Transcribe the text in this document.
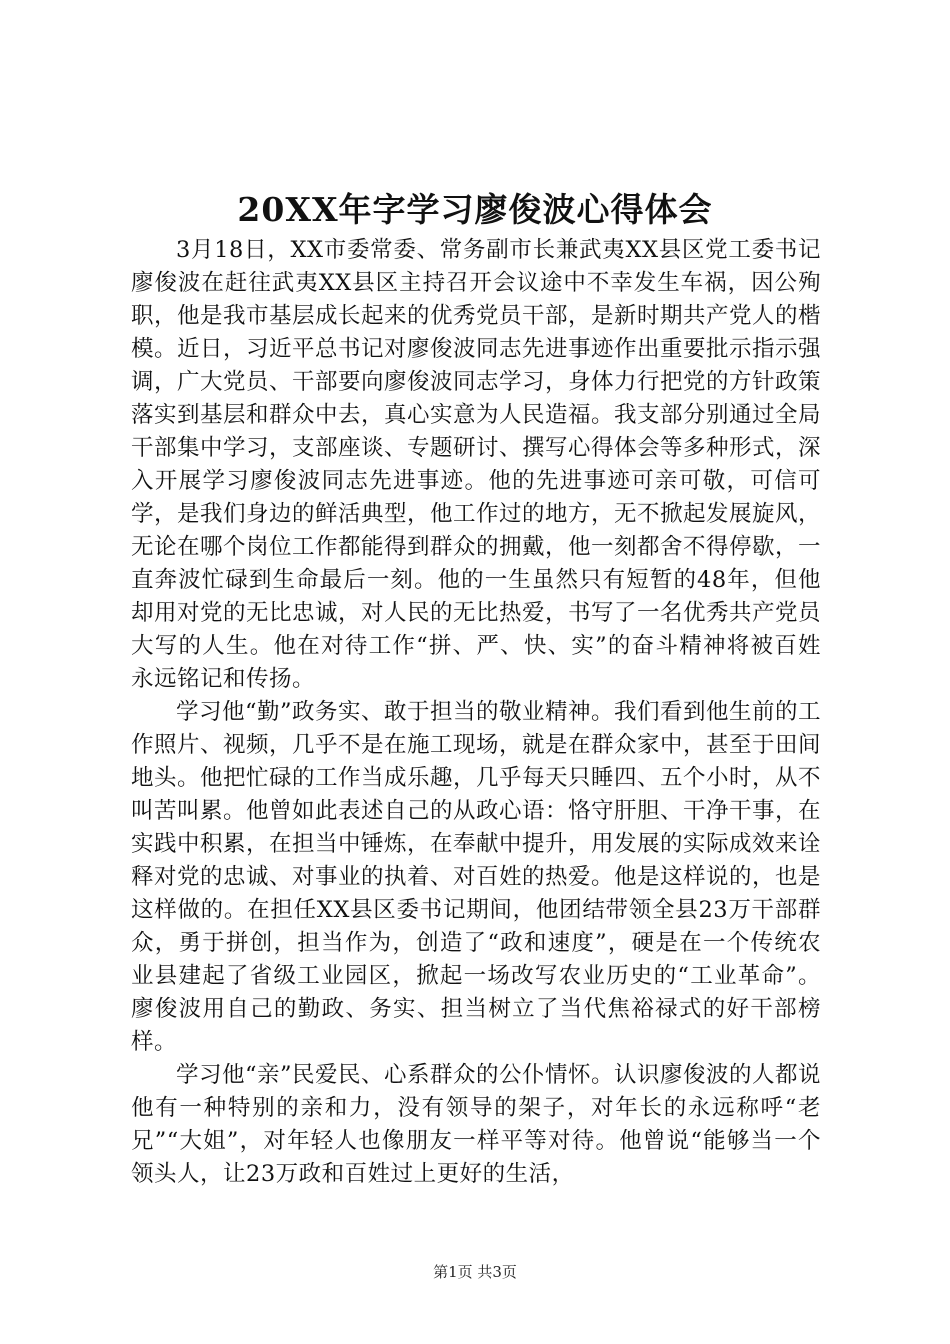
20XX年字学习廖俊波心得体会

3月18日，XX市委常委、常务副市长兼武夷XX县区党工委书记廖俊波在赶往武夷XX县区主持召开会议途中不幸发生车祸，因公殉职，他是我市基层成长起来的优秀党员干部，是新时期共产党人的楷模。近日，习近平总书记对廖俊波同志先进事迹作出重要批示指示强调，广大党员、干部要向廖俊波同志学习，身体力行把党的方针政策落实到基层和群众中去，真心实意为人民造福。我支部分别通过全局干部集中学习，支部座谈、专题研讨、撰写心得体会等多种形式，深入开展学习廖俊波同志先进事迹。他的先进事迹可亲可敬，可信可学，是我们身边的鲜活典型，他工作过的地方，无不掀起发展旋风，无论在哪个岗位工作都能得到群众的拥戴，他一刻都舍不得停歇，一直奔波忙碌到生命最后一刻。他的一生虽然只有短暂的48年，但他却用对党的无比忠诚，对人民的无比热爱，书写了一名优秀共产党员大写的人生。他在对待工作“拼、严、快、实”的奋斗精神将被百姓永远铭记和传扬。

学习他“勤”政务实、敢于担当的敬业精神。我们看到他生前的工作照片、视频，几乎不是在施工现场，就是在群众家中，甚至于田间地头。他把忙碌的工作当成乐趣，几乎每天只睡四、五个小时，从不叫苦叫累。他曾如此表述自己的从政心语：恪守肝胆、干净干事，在实践中积累，在担当中锤炼，在奉献中提升，用发展的实际成效来诠释对党的忠诚、对事业的执着、对百姓的热爱。他是这样说的，也是这样做的。在担任XX县区委书记期间，他团结带领全县23万干部群众，勇于拼创，担当作为，创造了“政和速度”，硬是在一个传统农业县建起了省级工业园区，掀起一场改写农业历史的“工业革命”。廖俊波用自己的勤政、务实、担当树立了当代焦裕禄式的好干部榜样。

学习他“亲”民爱民、心系群众的公仆情怀。认识廖俊波的人都说他有一种特别的亲和力，没有领导的架子，对年长的永远称呼“老兄”“大姐”，对年轻人也像朋友一样平等对待。他曾说“能够当一个领头人，让23万政和百姓过上更好的生活，

第1页 共3页
